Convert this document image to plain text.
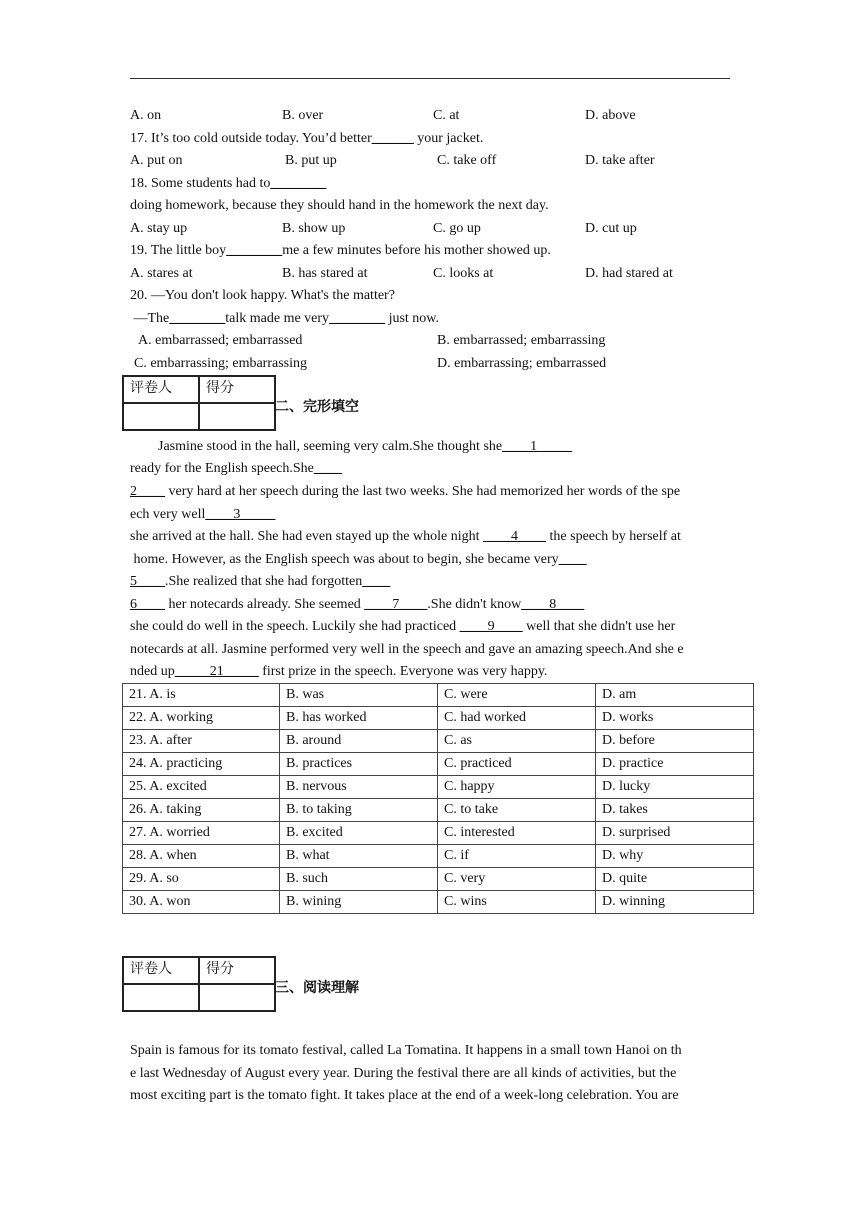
A. on	B. over	C. at	D. above
17. It’s too cold outside today. You’d better______ your jacket.
A. put on	B. put up	C. take off	D. take after
18. Some students had to________
doing homework, because they should hand in the homework the next day.
A. stay up	B. show up	C. go up	D. cut up
19. The little boy________me a few minutes before his mother showed up.
A. stares at	B. has stared at	C. looks at	D. had stared at
20. —You don't look happy. What's the matter?
—The________talk made me very________ just now.
A. embarrassed; embarrassed	B. embarrassed; embarrassing
C. embarrassing; embarrassing	D. embarrassing; embarrassed
评卷人	得分

二、完形填空
Jasmine stood in the hall, seeming very calm.She thought she____1_____
ready for the English speech.She____
2____ very hard at her speech during the last two weeks. She had memorized her words of the spe
ech very well____3_____
she arrived at the hall. She had even stayed up the whole night ____4____ the speech by herself at
home. However, as the English speech was about to begin, she became very____
5____.She realized that she had forgotten____
6____ her notecards already. She seemed ____7____.She didn't know____8____
she could do well in the speech. Luckily she had practiced ____9____ well that she didn't use her
notecards at all. Jasmine performed very well in the speech and gave an amazing speech.And she e
nded up_____21_____ first prize in the speech. Everyone was very happy.
21. A. is	B. was	C. were	D. am
22. A. working	B. has worked	C. had worked	D. works
23. A. after	B. around	C. as	D. before
24. A. practicing	B. practices	C. practiced	D. practice
25. A. excited	B. nervous	C. happy	D. lucky
26. A. taking	B. to taking	C. to take	D. takes
27. A. worried	B. excited	C. interested	D. surprised
28. A. when	B. what	C. if	D. why
29. A. so	B. such	C. very	D. quite
30. A. won	B. wining	C. wins	D. winning
评卷人	得分

三、阅读理解
Spain is famous for its tomato festival, called La Tomatina. It happens in a small town Hanoi on th
e last Wednesday of August every year. During the festival there are all kinds of activities, but the
most exciting part is the tomato fight. It takes place at the end of a week-long celebration. You are
